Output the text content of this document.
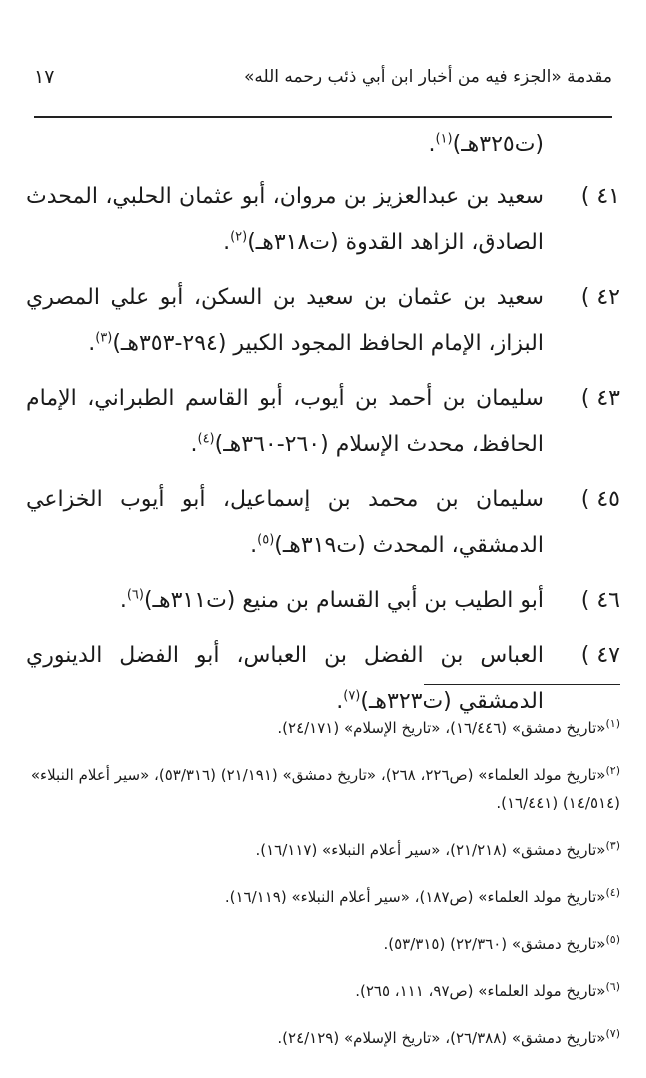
مقدمة «الجزء فيه من أخبار ابن أبي ذئب رحمه الله»
١٧
(ت٣٢٥هـ)$^{(١)}$.
٤١ )
سعيد بن عبدالعزيز بن مروان، أبو عثمان الحلبي، المحدث الصادق، الزاهد القدوة (ت٣١٨هـ)$^{(٢)}$.
٤٢ )
سعيد بن عثمان بن سعيد بن السكن، أبو علي المصري البزاز، الإمام الحافظ المجود الكبير (٢٩٤-٣٥٣هـ)$^{(٣)}$.
٤٣ )
سليمان بن أحمد بن أيوب، أبو القاسم الطبراني، الإمام الحافظ، محدث الإسلام (٢٦٠-٣٦٠هـ)$^{(٤)}$.
٤٥ )
سليمان بن محمد بن إسماعيل، أبو أيوب الخزاعي الدمشقي، المحدث (ت٣١٩هـ)$^{(٥)}$.
٤٦ )
أبو الطيب بن أبي القسام بن منيع (ت٣١١هـ)$^{(٦)}$.
٤٧ )
العباس بن الفضل بن العباس، أبو الفضل الدينوري الدمشقي (ت٣٢٣هـ)$^{(٧)}$.
$^{(١)}$«تاريخ دمشق» (١٦/٤٤٦)، «تاريخ الإسلام» (٢٤/١٧١).
$^{(٢)}$«تاريخ مولد العلماء» (ص٢٢٦، ٢٦٨)، «تاريخ دمشق» (٢١/١٩١) (٥٣/٣١٦)، «سير أعلام النبلاء» (١٤/٥١٤) (١٦/٤٤١).
$^{(٣)}$«تاريخ دمشق» (٢١/٢١٨)، «سير أعلام النبلاء» (١٦/١١٧).
$^{(٤)}$«تاريخ مولد العلماء» (ص١٨٧)، «سير أعلام النبلاء» (١٦/١١٩).
$^{(٥)}$«تاريخ دمشق» (٢٢/٣٦٠) (٥٣/٣١٥).
$^{(٦)}$«تاريخ مولد العلماء» (ص٩٧، ١١١، ٢٦٥).
$^{(٧)}$«تاريخ دمشق» (٢٦/٣٨٨)، «تاريخ الإسلام» (٢٤/١٢٩).
